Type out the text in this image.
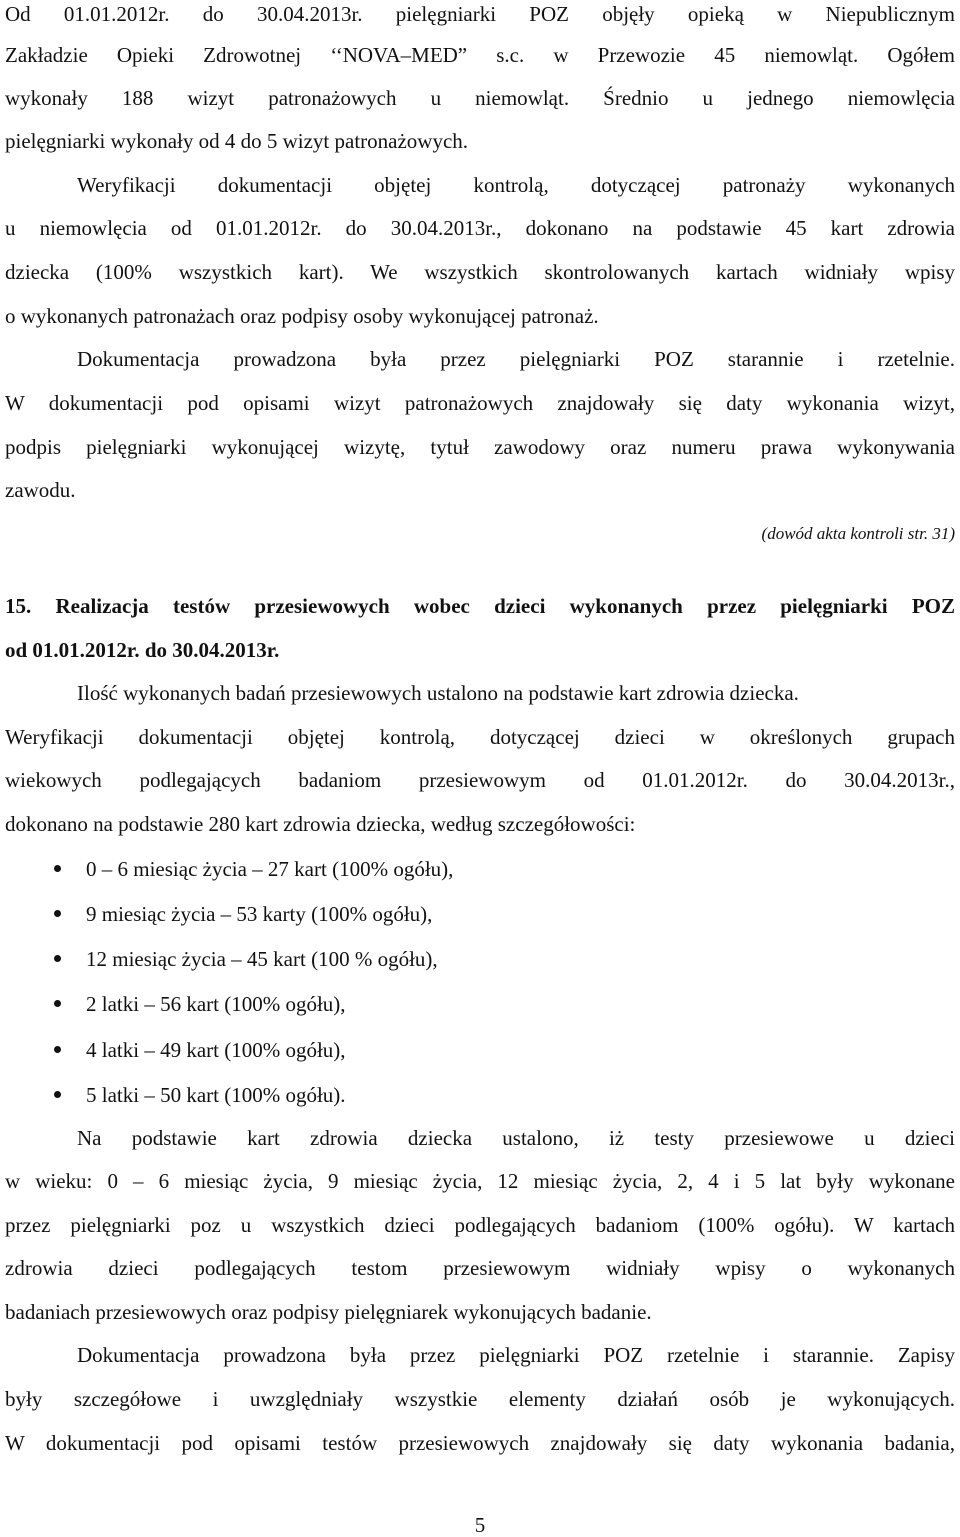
Od 01.01.2012r. do 30.04.2013r. pielęgniarki POZ objęły opieką w Niepublicznym
Zakładzie Opieki Zdrowotnej ‘‘NOVA–MED” s.c. w Przewozie 45 niemowląt. Ogółem
wykonały 188 wizyt patronażowych u niemowląt. Średnio u jednego niemowlęcia
pielęgniarki wykonały od 4 do 5 wizyt patronażowych.
Weryfikacji dokumentacji objętej kontrolą, dotyczącej patronaży wykonanych
u niemowlęcia od 01.01.2012r. do 30.04.2013r., dokonano na podstawie 45 kart zdrowia
dziecka (100% wszystkich kart). We wszystkich skontrolowanych kartach widniały wpisy
o wykonanych patronażach oraz podpisy osoby wykonującej patronaż.
Dokumentacja prowadzona była przez pielęgniarki POZ starannie i rzetelnie.
W dokumentacji pod opisami wizyt patronażowych znajdowały się daty wykonania wizyt,
podpis pielęgniarki wykonującej wizytę, tytuł zawodowy oraz numeru prawa wykonywania
zawodu.
(dowód akta kontroli str. 31)
15. Realizacja testów przesiewowych wobec dzieci wykonanych przez pielęgniarki POZ
od 01.01.2012r. do 30.04.2013r.
Ilość wykonanych badań przesiewowych ustalono na podstawie kart zdrowia dziecka.
Weryfikacji dokumentacji objętej kontrolą, dotyczącej dzieci w określonych grupach
wiekowych podlegających badaniom przesiewowym od 01.01.2012r. do 30.04.2013r.,
dokonano na podstawie 280 kart zdrowia dziecka, według szczegółowości:
0 – 6 miesiąc życia – 27 kart (100% ogółu),
9 miesiąc życia – 53 karty (100% ogółu),
12 miesiąc życia – 45 kart (100 % ogółu),
2 latki – 56 kart (100% ogółu),
4 latki – 49 kart (100% ogółu),
5 latki – 50 kart (100% ogółu).
Na podstawie kart zdrowia dziecka ustalono, iż testy przesiewowe u dzieci
w wieku: 0 – 6 miesiąc życia, 9 miesiąc życia, 12 miesiąc życia, 2, 4 i 5 lat były wykonane
przez pielęgniarki poz u wszystkich dzieci podlegających badaniom (100% ogółu). W kartach
zdrowia dzieci podlegających testom przesiewowym widniały wpisy o wykonanych
badaniach przesiewowych oraz podpisy pielęgniarek wykonujących badanie.
Dokumentacja prowadzona była przez pielęgniarki POZ rzetelnie i starannie. Zapisy
były szczegółowe i uwzględniały wszystkie elementy działań osób je wykonujących.
W dokumentacji pod opisami testów przesiewowych znajdowały się daty wykonania badania,
5
